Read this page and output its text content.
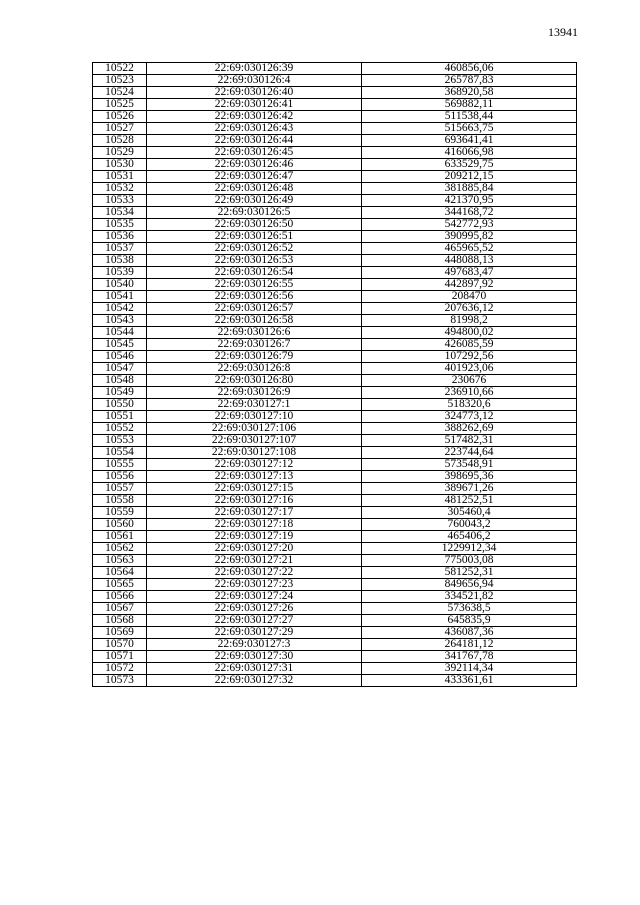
13941
10522	22:69:030126:39	460856,06
10523	22:69:030126:4	265787,83
10524	22:69:030126:40	368920,58
10525	22:69:030126:41	569882,11
10526	22:69:030126:42	511538,44
10527	22:69:030126:43	515663,75
10528	22:69:030126:44	693641,41
10529	22:69:030126:45	416066,98
10530	22:69:030126:46	633529,75
10531	22:69:030126:47	209212,15
10532	22:69:030126:48	381885,84
10533	22:69:030126:49	421370,95
10534	22:69:030126:5	344168,72
10535	22:69:030126:50	542772,93
10536	22:69:030126:51	390995,82
10537	22:69:030126:52	465965,52
10538	22:69:030126:53	448088,13
10539	22:69:030126:54	497683,47
10540	22:69:030126:55	442897,92
10541	22:69:030126:56	208470
10542	22:69:030126:57	207636,12
10543	22:69:030126:58	81998,2
10544	22:69:030126:6	494800,02
10545	22:69:030126:7	426085,59
10546	22:69:030126:79	107292,56
10547	22:69:030126:8	401923,06
10548	22:69:030126:80	230676
10549	22:69:030126:9	236910,66
10550	22:69:030127:1	518320,6
10551	22:69:030127:10	324773,12
10552	22:69:030127:106	388262,69
10553	22:69:030127:107	517482,31
10554	22:69:030127:108	223744,64
10555	22:69:030127:12	573548,91
10556	22:69:030127:13	398695,36
10557	22:69:030127:15	389671,26
10558	22:69:030127:16	481252,51
10559	22:69:030127:17	305460,4
10560	22:69:030127:18	760043,2
10561	22:69:030127:19	465406,2
10562	22:69:030127:20	1229912,34
10563	22:69:030127:21	775003,08
10564	22:69:030127:22	581252,31
10565	22:69:030127:23	849656,94
10566	22:69:030127:24	334521,82
10567	22:69:030127:26	573638,5
10568	22:69:030127:27	645835,9
10569	22:69:030127:29	436087,36
10570	22:69:030127:3	264181,12
10571	22:69:030127:30	341767,78
10572	22:69:030127:31	392114,34
10573	22:69:030127:32	433361,61
